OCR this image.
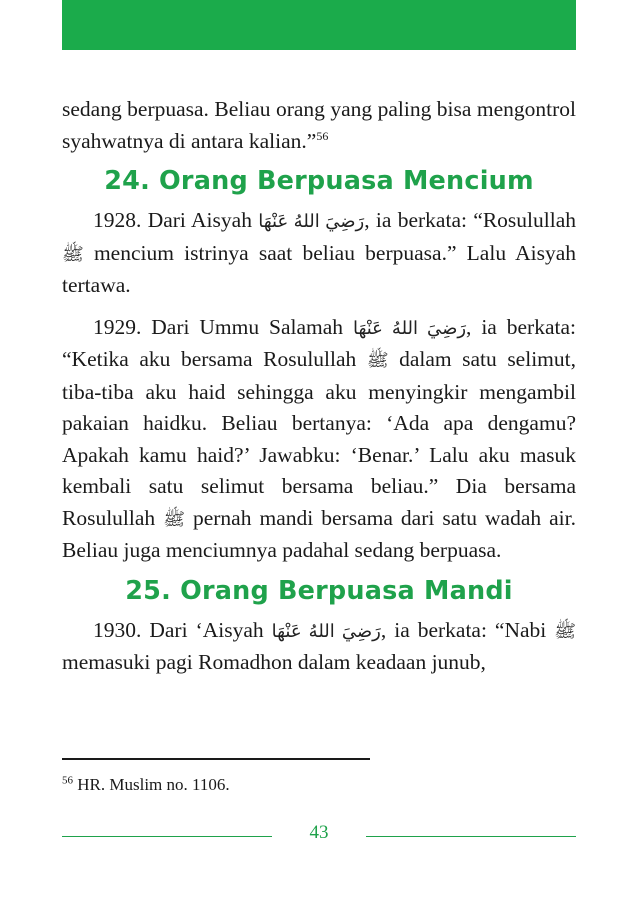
sedang berpuasa. Beliau orang yang paling bisa mengontrol syahwatnya di antara kalian.”$^{56}$

24. Orang Berpuasa Mencium

1928. Dari Aisyah رَضِيَ اللهُ عَنْهَا, ia berkata: “Rosulullah ﷺ mencium istrinya saat beliau berpuasa.” Lalu Aisyah tertawa.

1929. Dari Ummu Salamah رَضِيَ اللهُ عَنْهَا, ia berkata: “Ketika aku bersama Rosulullah ﷺ dalam satu selimut, tiba-tiba aku haid sehingga aku menyingkir mengambil pakaian haidku. Beliau bertanya: ‘Ada apa dengamu? Apakah kamu haid?’ Jawabku: ‘Benar.’ Lalu aku masuk kembali satu selimut bersama beliau.” Dia bersama Rosulullah ﷺ pernah mandi bersama dari satu wadah air. Beliau juga menciumnya padahal sedang berpuasa.

25. Orang Berpuasa Mandi

1930. Dari ‘Aisyah رَضِيَ اللهُ عَنْهَا, ia berkata: “Nabi ﷺ memasuki pagi Romadhon dalam keadaan junub,

$^{56}$ HR. Muslim no. 1106.
43
